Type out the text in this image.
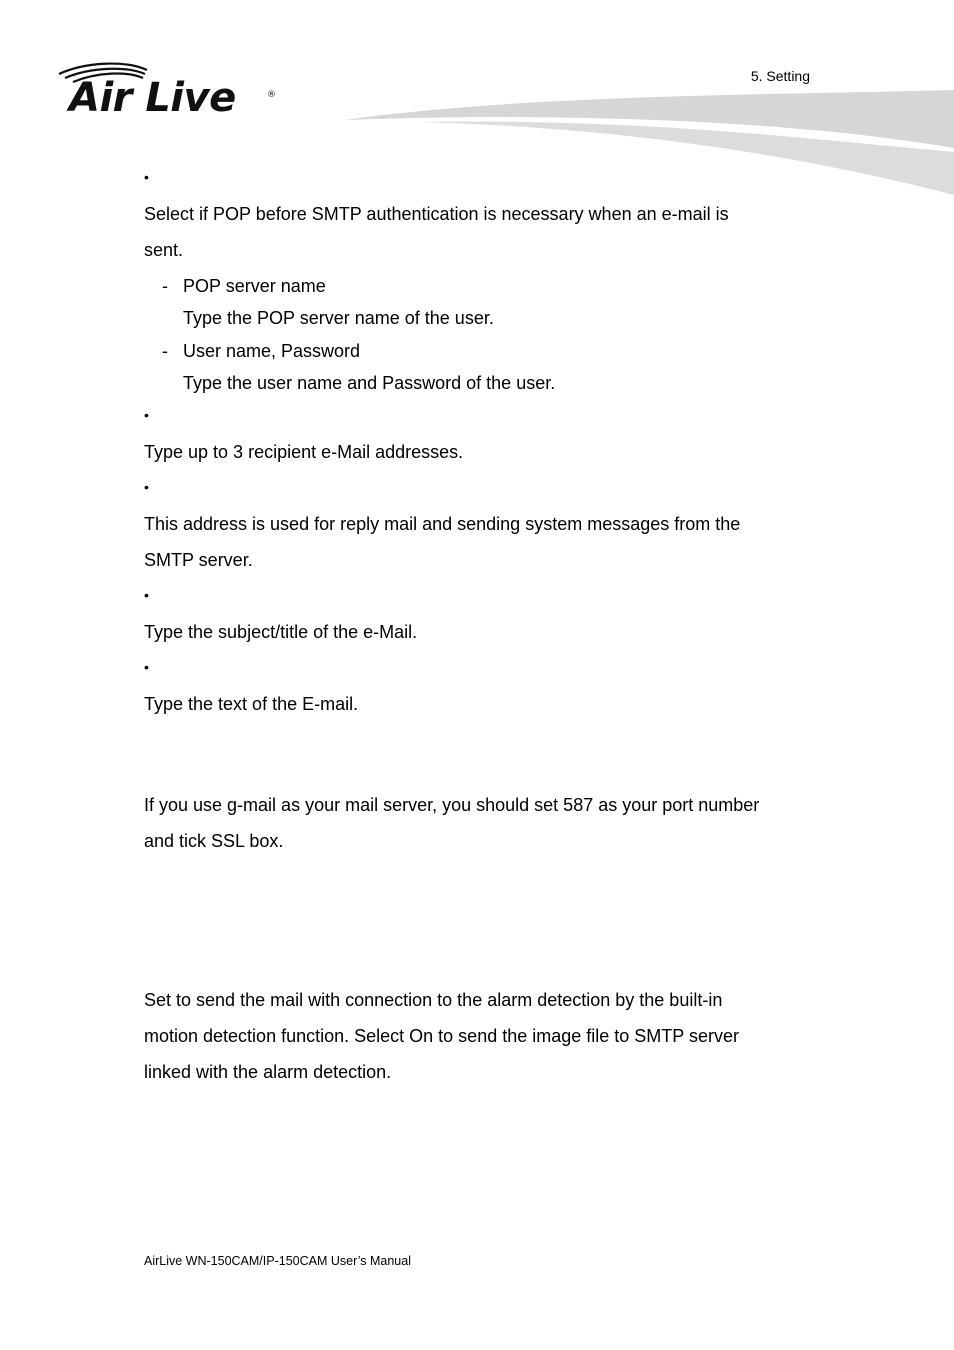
Air Live	®
5. Setting
•
Select if POP before SMTP authentication is necessary when an e-mail is
sent.
- POP server name
Type the POP server name of the user.
- User name, Password
Type the user name and Password of the user.
•
Type up to 3 recipient e-Mail addresses.
•
This address is used for reply mail and sending system messages from the
SMTP server.
•
Type the subject/title of the e-Mail.
•
Type the text of the E-mail.
If you use g-mail as your mail server, you should set 587 as your port number
and tick SSL box.
Set to send the mail with connection to the alarm detection by the built-in
motion detection function. Select On to send the image file to SMTP server
linked with the alarm detection.
AirLive WN-150CAM/IP-150CAM User’s Manual
